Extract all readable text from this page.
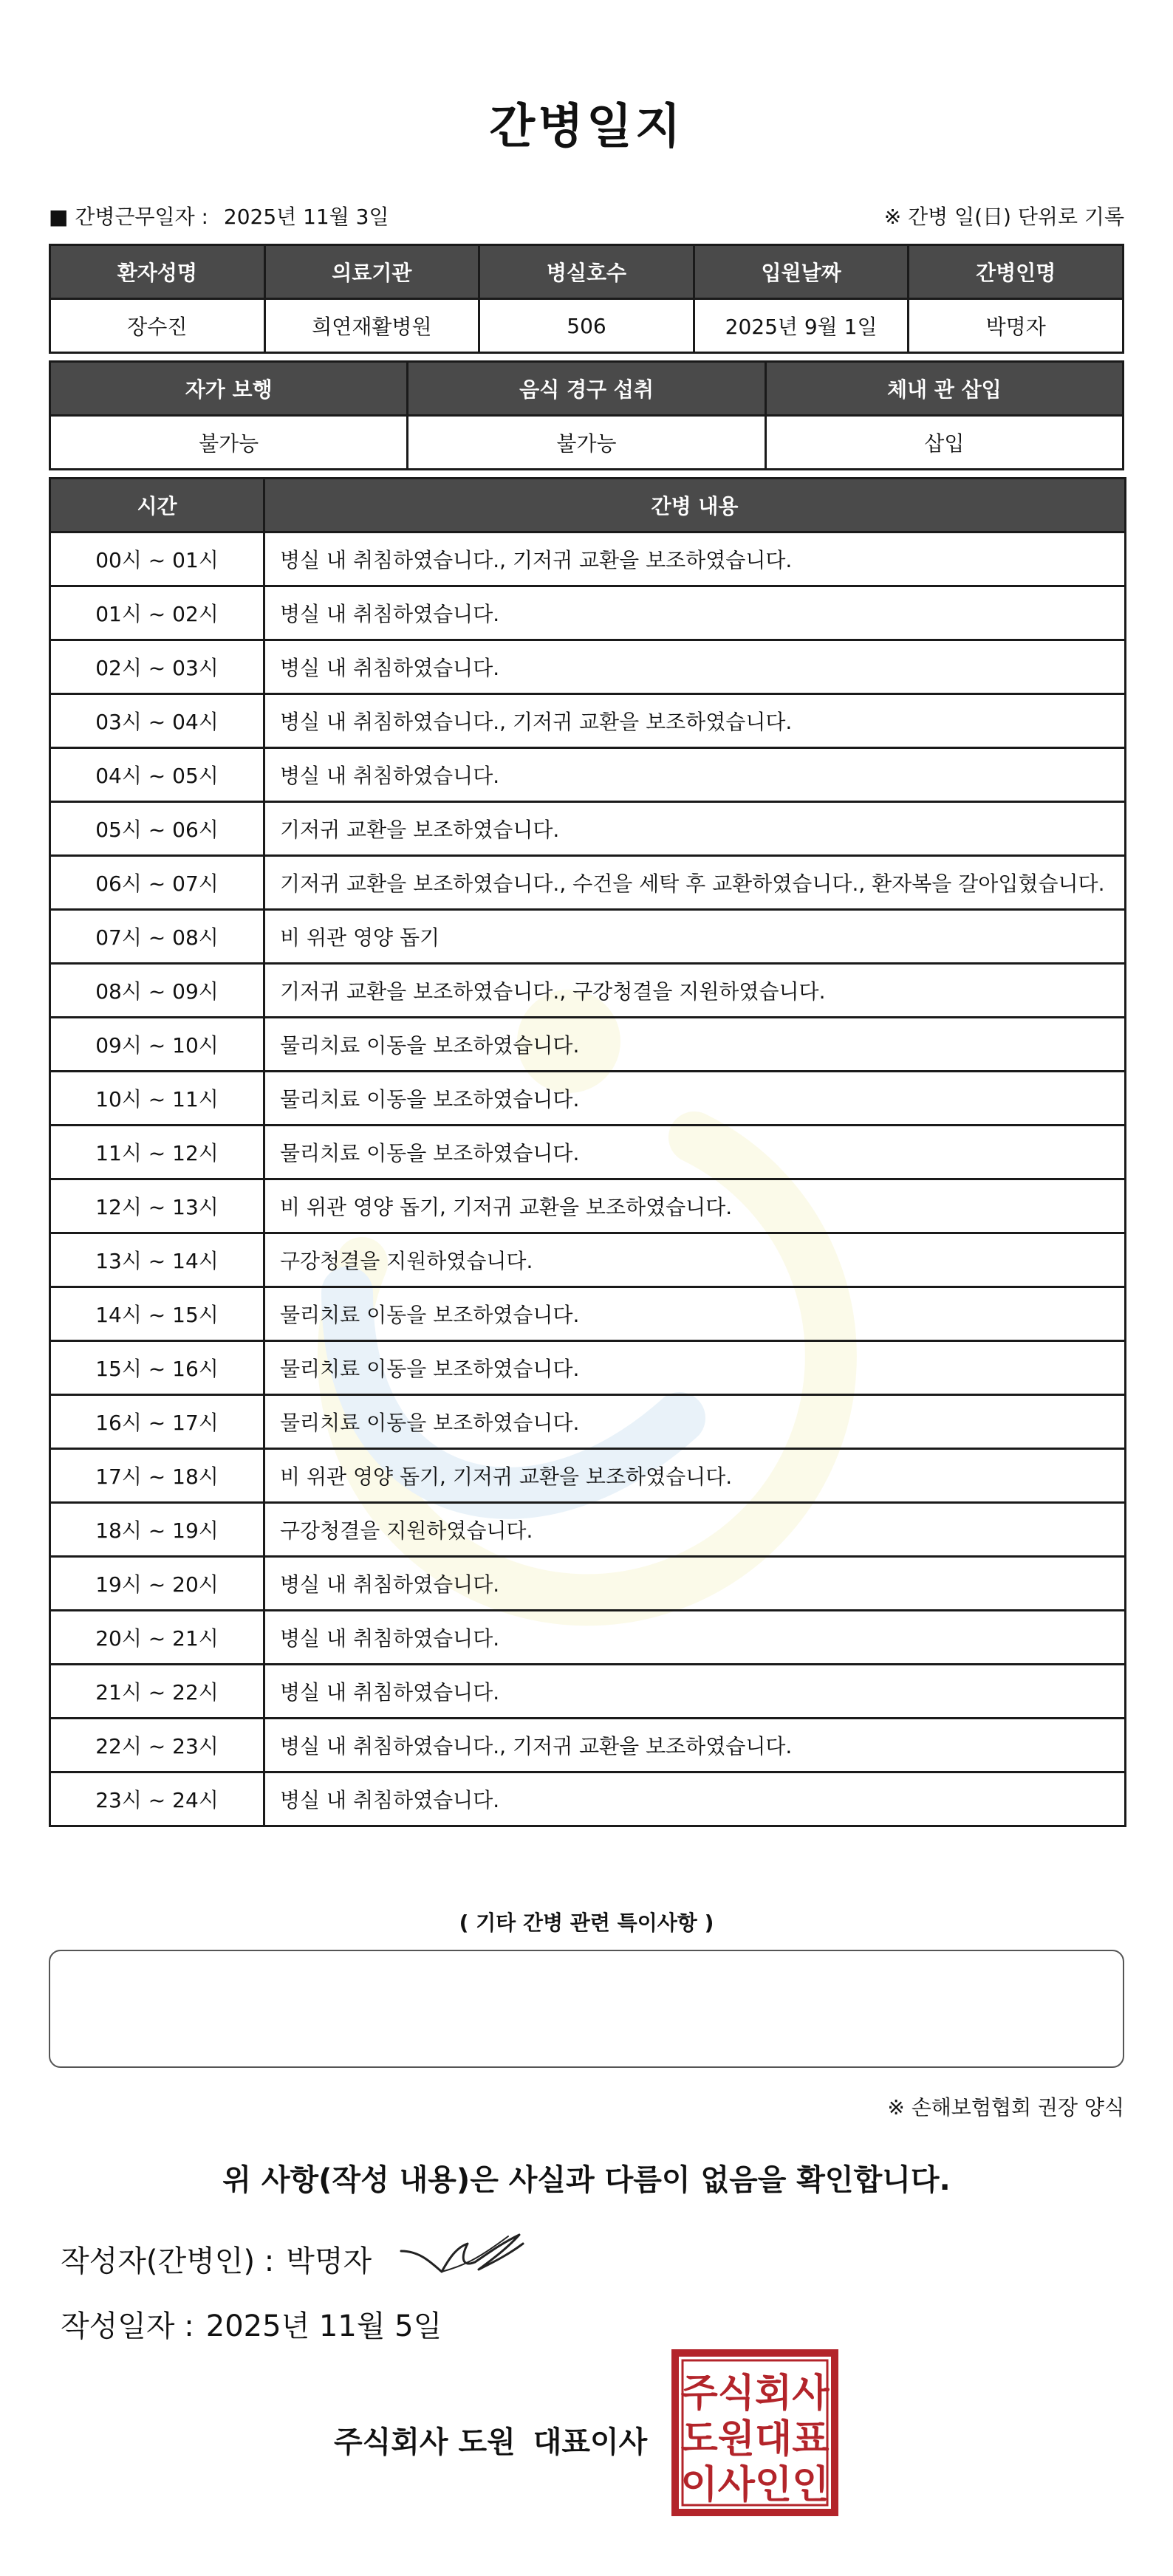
간병일지
■ 간병근무일자 : 2025년 11월 3일	※ 간병 일(日) 단위로 기록
환자성명	의료기관	병실호수	입원날짜	간병인명
장수진	희연재활병원	506	2025년 9월 1일	박명자
자가 보행	음식 경구 섭취	체내 관 삽입
불가능	불가능	삽입
시간	간병 내용
00시 ~ 01시	병실 내 취침하였습니다., 기저귀 교환을 보조하였습니다.
01시 ~ 02시	병실 내 취침하였습니다.
02시 ~ 03시	병실 내 취침하였습니다.
03시 ~ 04시	병실 내 취침하였습니다., 기저귀 교환을 보조하였습니다.
04시 ~ 05시	병실 내 취침하였습니다.
05시 ~ 06시	기저귀 교환을 보조하였습니다.
06시 ~ 07시	기저귀 교환을 보조하였습니다., 수건을 세탁 후 교환하였습니다., 환자복을 갈아입혔습니다.
07시 ~ 08시	비 위관 영양 돕기
08시 ~ 09시	기저귀 교환을 보조하였습니다., 구강청결을 지원하였습니다.
09시 ~ 10시	물리치료 이동을 보조하였습니다.
10시 ~ 11시	물리치료 이동을 보조하였습니다.
11시 ~ 12시	물리치료 이동을 보조하였습니다.
12시 ~ 13시	비 위관 영양 돕기, 기저귀 교환을 보조하였습니다.
13시 ~ 14시	구강청결을 지원하였습니다.
14시 ~ 15시	물리치료 이동을 보조하였습니다.
15시 ~ 16시	물리치료 이동을 보조하였습니다.
16시 ~ 17시	물리치료 이동을 보조하였습니다.
17시 ~ 18시	비 위관 영양 돕기, 기저귀 교환을 보조하였습니다.
18시 ~ 19시	구강청결을 지원하였습니다.
19시 ~ 20시	병실 내 취침하였습니다.
20시 ~ 21시	병실 내 취침하였습니다.
21시 ~ 22시	병실 내 취침하였습니다.
22시 ~ 23시	병실 내 취침하였습니다., 기저귀 교환을 보조하였습니다.
23시 ~ 24시	병실 내 취침하였습니다.
( 기타 간병 관련 특이사항 )
※ 손해보험협회 권장 양식
위 사항(작성 내용)은 사실과 다름이 없음을 확인합니다.
작성자(간병인) : 박명자
작성일자 : 2025년 11월 5일
주식회사 도원 대표이사
주식회사
도원대표
이사인인
